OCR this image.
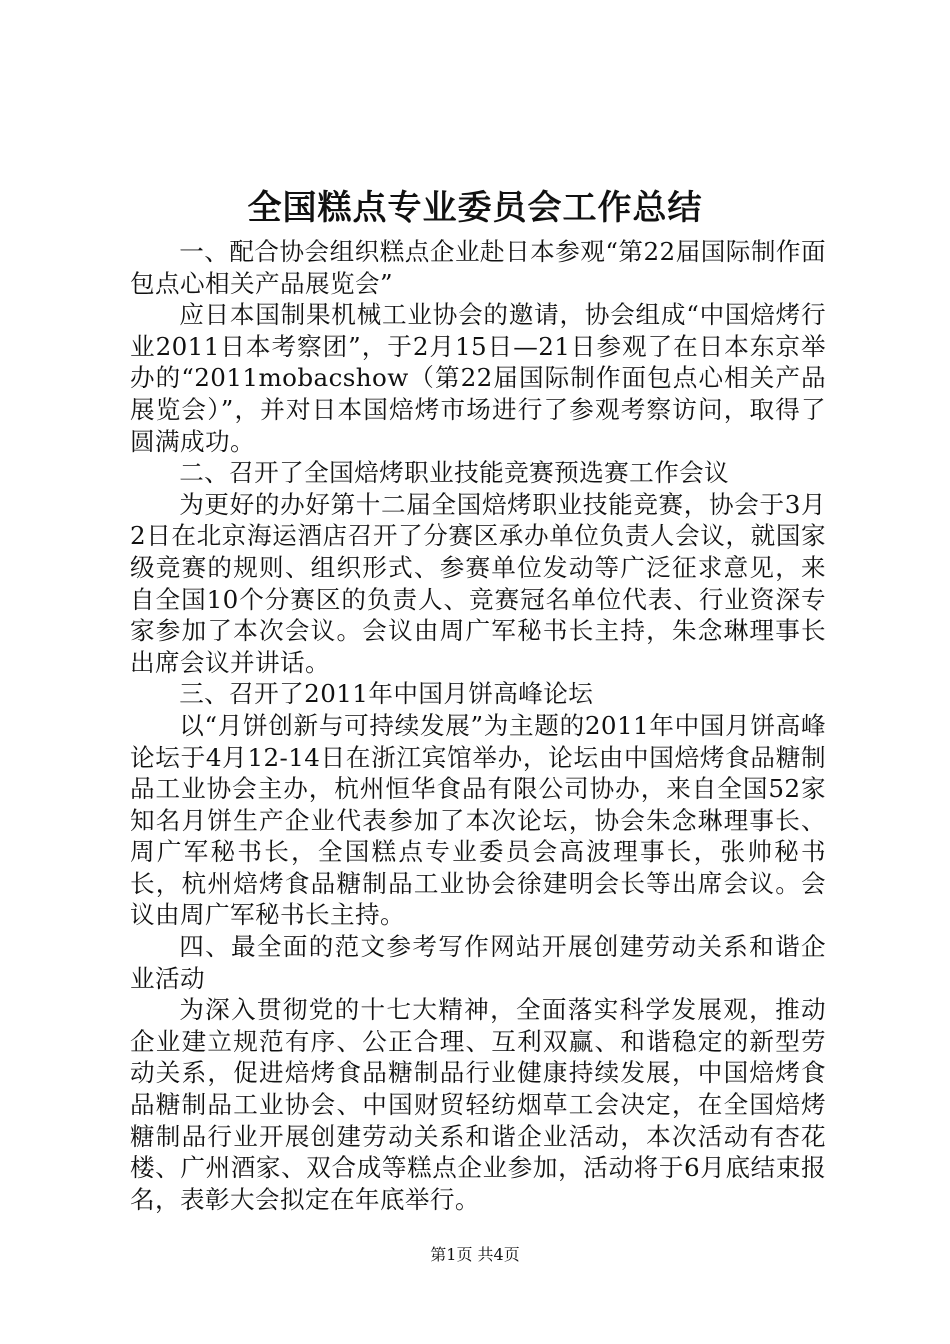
全国糕点专业委员会工作总结

一、配合协会组织糕点企业赴日本参观“第22届国际制作面包点心相关产品展览会”

应日本国制果机械工业协会的邀请，协会组成“中国焙烤行业2011日本考察团”，于2月15日—21日参观了在日本东京举办的“2011mobacshow（第22届国际制作面包点心相关产品展览会）”，并对日本国焙烤市场进行了参观考察访问，取得了圆满成功。

二、召开了全国焙烤职业技能竞赛预选赛工作会议

为更好的办好第十二届全国焙烤职业技能竞赛，协会于3月2日在北京海运酒店召开了分赛区承办单位负责人会议，就国家级竞赛的规则、组织形式、参赛单位发动等广泛征求意见，来自全国10个分赛区的负责人、竞赛冠名单位代表、行业资深专家参加了本次会议。会议由周广军秘书长主持，朱念琳理事长出席会议并讲话。

三、召开了2011年中国月饼高峰论坛

以“月饼创新与可持续发展”为主题的2011年中国月饼高峰论坛于4月12-14日在浙江宾馆举办，论坛由中国焙烤食品糖制品工业协会主办，杭州恒华食品有限公司协办，来自全国52家知名月饼生产企业代表参加了本次论坛，协会朱念琳理事长、周广军秘书长，全国糕点专业委员会高波理事长，张帅秘书长，杭州焙烤食品糖制品工业协会徐建明会长等出席会议。会议由周广军秘书长主持。

四、最全面的范文参考写作网站开展创建劳动关系和谐企业活动

为深入贯彻党的十七大精神，全面落实科学发展观，推动企业建立规范有序、公正合理、互利双赢、和谐稳定的新型劳动关系，促进焙烤食品糖制品行业健康持续发展，中国焙烤食品糖制品工业协会、中国财贸轻纺烟草工会决定，在全国焙烤糖制品行业开展创建劳动关系和谐企业活动，本次活动有杏花楼、广州酒家、双合成等糕点企业参加，活动将于6月底结束报名，表彰大会拟定在年底举行。

第1页 共4页
